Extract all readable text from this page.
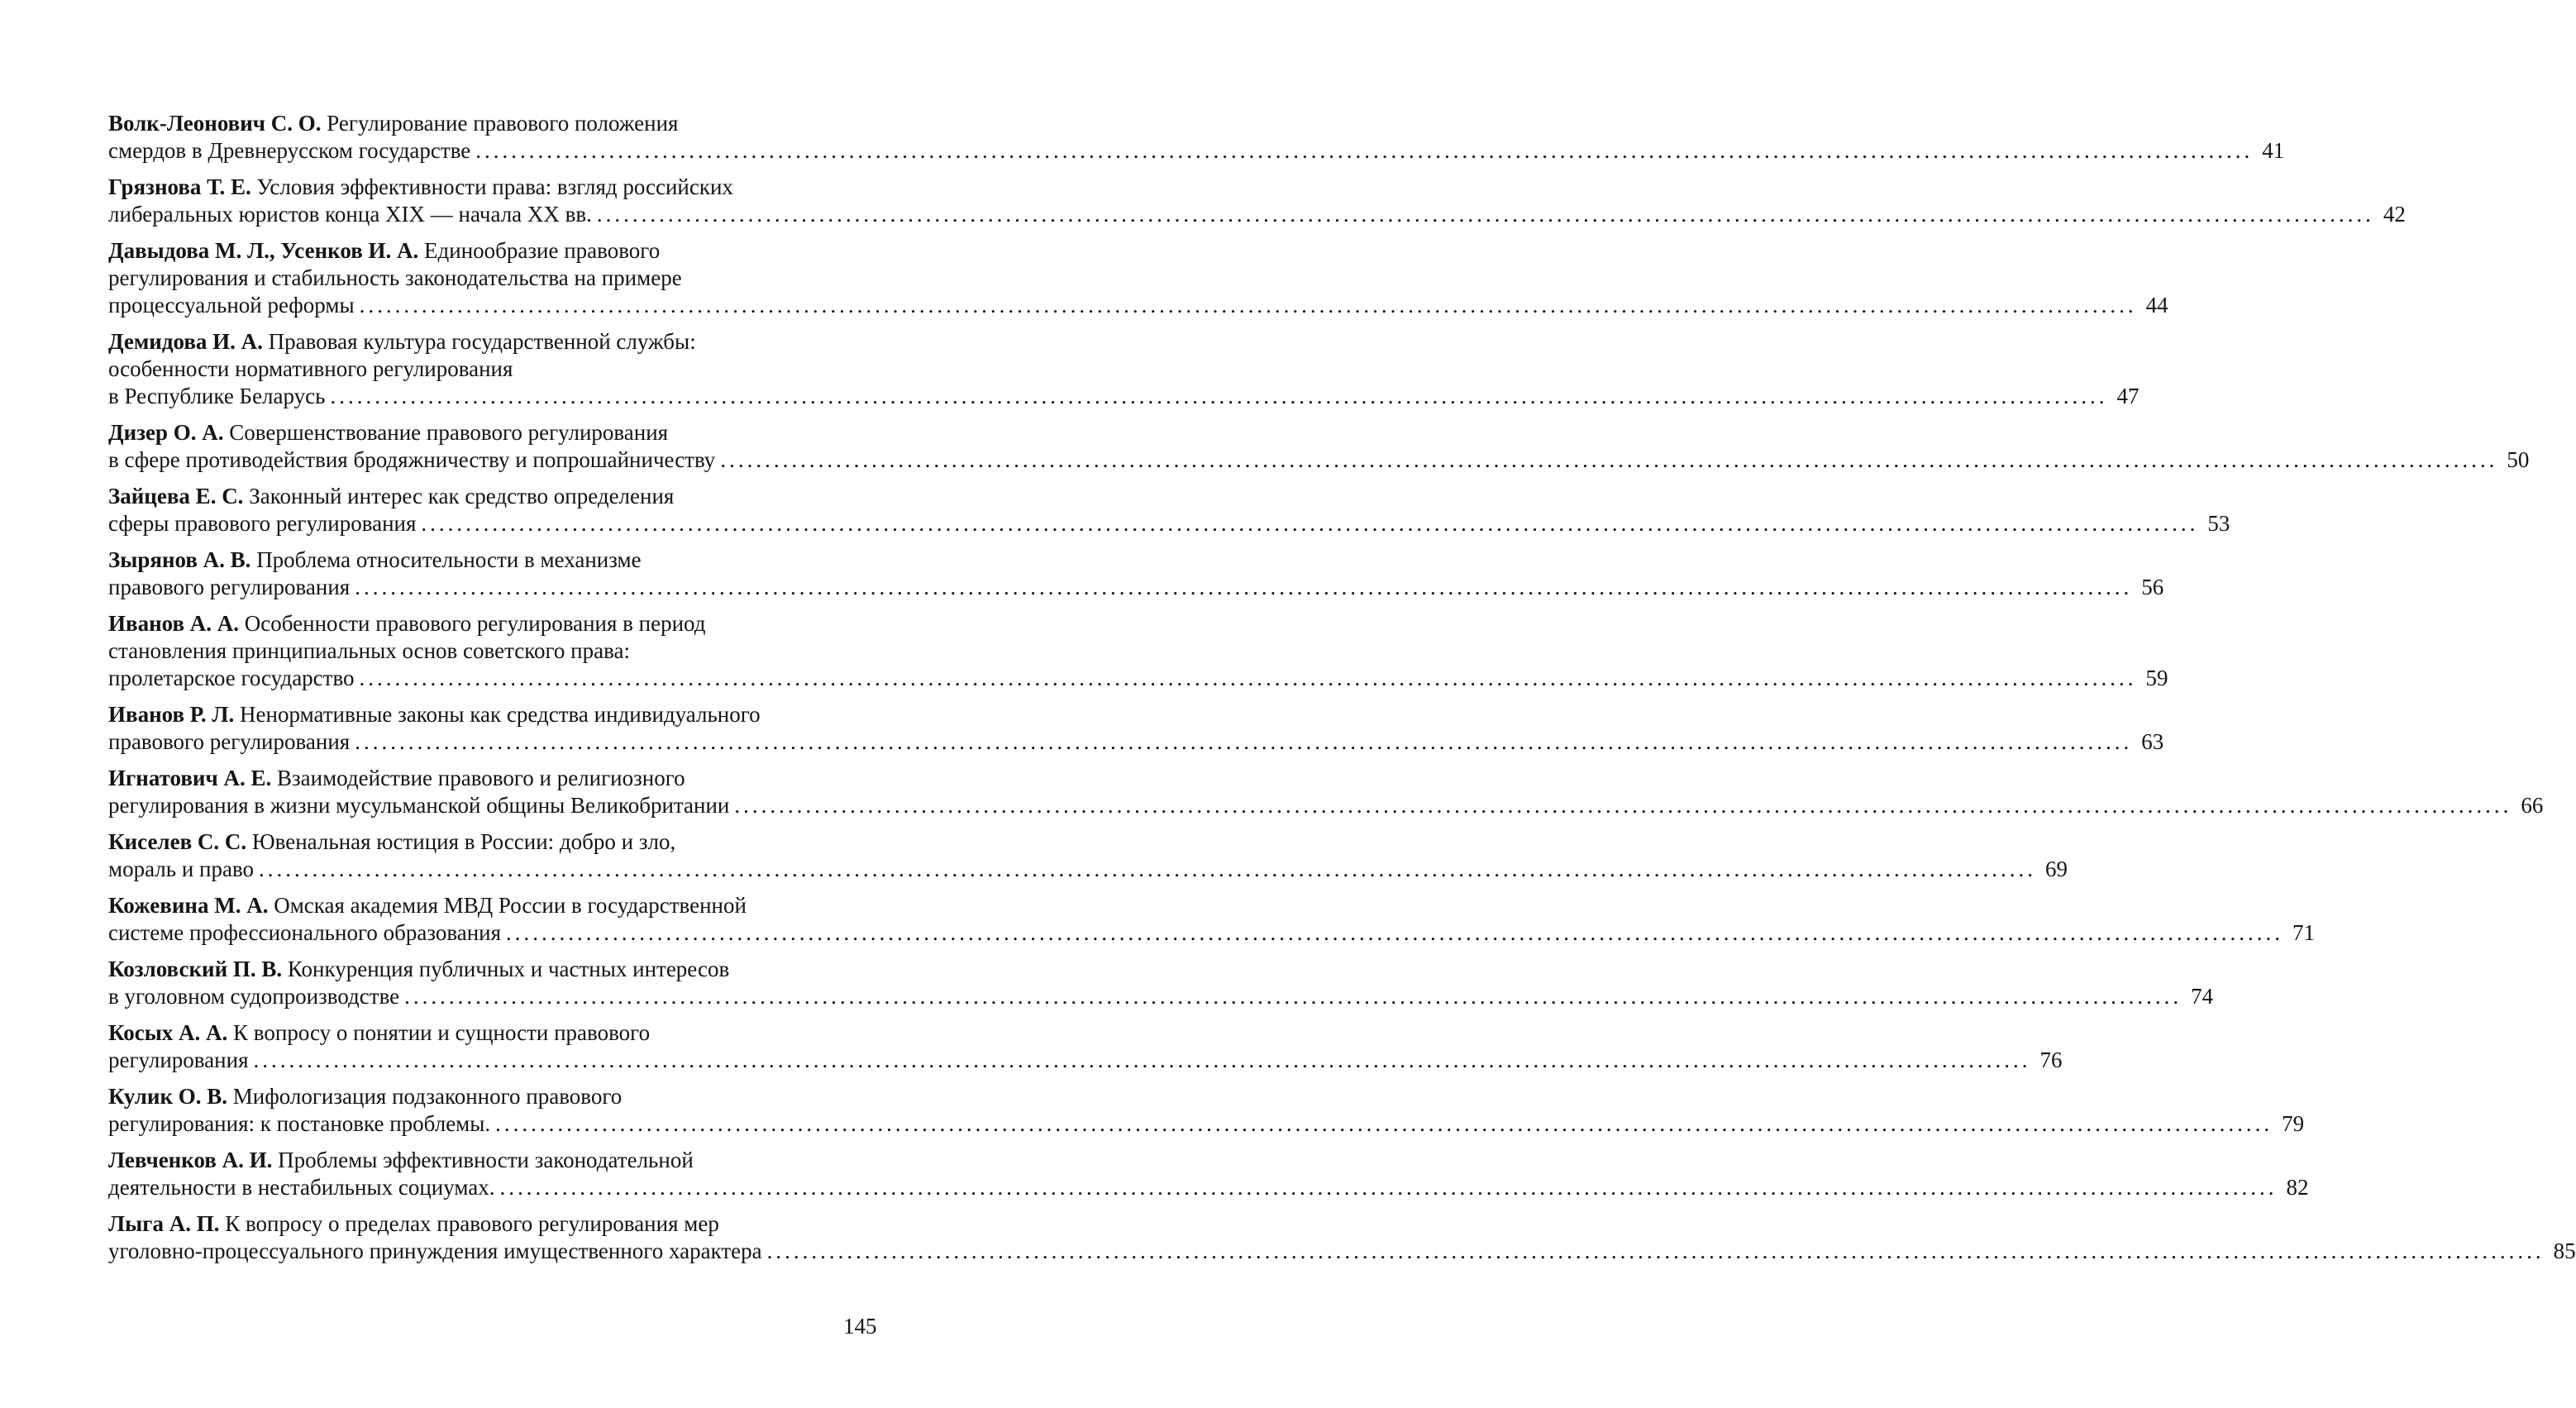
Волк-Леонович С. О. Регулирование правового положения
смердов в Древнерусском государстве ........................................................................................................................................................................................................ 41
Грязнова Т. Е. Условия эффективности права: взгляд российских
либеральных юристов конца XIX — начала XX вв. ........................................................................................................................................................................................................ 42
Давыдова М. Л., Усенков И. А. Единообразие правового
регулирования и стабильность законодательства на примере
процессуальной реформы ........................................................................................................................................................................................................ 44
Демидова И. А. Правовая культура государственной службы:
особенности нормативного регулирования
в Республике Беларусь ........................................................................................................................................................................................................ 47
Дизер О. А. Совершенствование правового регулирования
в сфере противодействия бродяжничеству и попрошайничеству ........................................................................................................................................................................................................ 50
Зайцева Е. С. Законный интерес как средство определения
сферы правового регулирования ........................................................................................................................................................................................................ 53
Зырянов А. В. Проблема относительности в механизме
правового регулирования ........................................................................................................................................................................................................ 56
Иванов А. А. Особенности правового регулирования в период
становления принципиальных основ советского права:
пролетарское государство ........................................................................................................................................................................................................ 59
Иванов Р. Л. Ненормативные законы как средства индивидуального
правового регулирования ........................................................................................................................................................................................................ 63
Игнатович А. Е. Взаимодействие правового и религиозного
регулирования в жизни мусульманской общины Великобритании ........................................................................................................................................................................................................ 66
Киселев С. С. Ювенальная юстиция в России: добро и зло,
мораль и право ........................................................................................................................................................................................................ 69
Кожевина М. А. Омская академия МВД России в государственной
системе профессионального образования ........................................................................................................................................................................................................ 71
Козловский П. В. Конкуренция публичных и частных интересов
в уголовном судопроизводстве ........................................................................................................................................................................................................ 74
Косых А. А. К вопросу о понятии и сущности правового
регулирования ........................................................................................................................................................................................................ 76
Кулик О. В. Мифологизация подзаконного правового
регулирования: к постановке проблемы. ........................................................................................................................................................................................................ 79
Левченков А. И. Проблемы эффективности законодательной
деятельности в нестабильных социумах. ........................................................................................................................................................................................................ 82
Лыга А. П. К вопросу о пределах правового регулирования мер
уголовно-процессуального принуждения имущественного характера ........................................................................................................................................................................................................ 85
145
